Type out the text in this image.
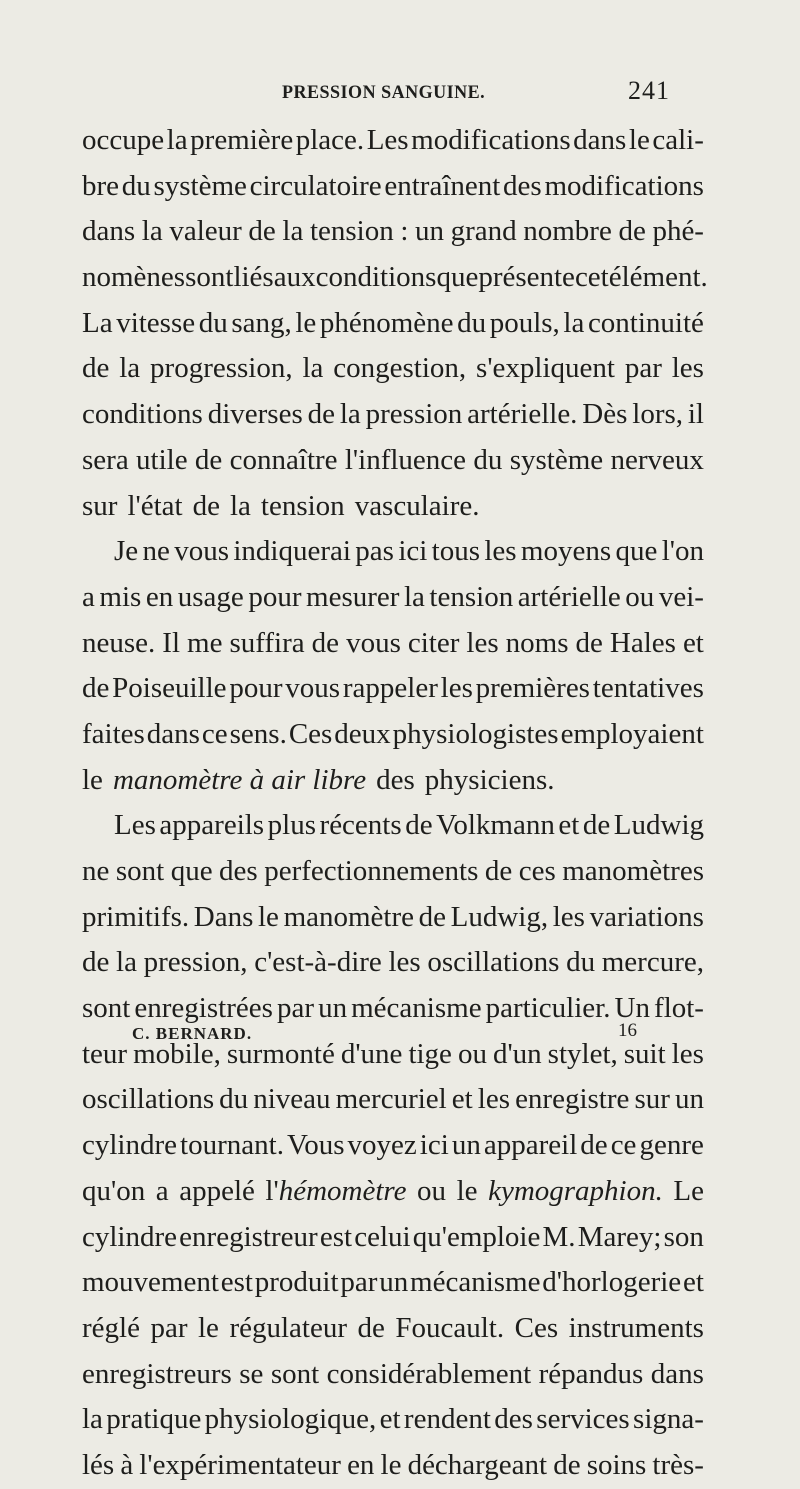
PRESSION SANGUINE.	241
occupe la première place. Les modifications dans le cali-
bre du système circulatoire entraînent des modifications
dans la valeur de la tension : un grand nombre de phé-
nomènes sont liés aux conditions que présente cet élément.
La vitesse du sang, le phénomène du pouls, la continuité
de la progression, la congestion, s'expliquent par les
conditions diverses de la pression artérielle. Dès lors, il
sera utile de connaître l'influence du système nerveux
sur l'état de la tension vasculaire.
Je ne vous indiquerai pas ici tous les moyens que l'on
a mis en usage pour mesurer la tension artérielle ou vei-
neuse. Il me suffira de vous citer les noms de Hales et
de Poiseuille pour vous rappeler les premières tentatives
faites dans ce sens. Ces deux physiologistes employaient
le manomètre à air libre des physiciens.
Les appareils plus récents de Volkmann et de Ludwig
ne sont que des perfectionnements de ces manomètres
primitifs. Dans le manomètre de Ludwig, les variations
de la pression, c'est-à-dire les oscillations du mercure,
sont enregistrées par un mécanisme particulier. Un flot-
teur mobile, surmonté d'une tige ou d'un stylet, suit les
oscillations du niveau mercuriel et les enregistre sur un
cylindre tournant. Vous voyez ici un appareil de ce genre
qu'on a appelé l'hémomètre ou le kymographion. Le
cylindre enregistreur est celui qu'emploie M. Marey; son
mouvement est produit par un mécanisme d'horlogerie et
réglé par le régulateur de Foucault. Ces instruments
enregistreurs se sont considérablement répandus dans
la pratique physiologique, et rendent des services signa-
lés à l'expérimentateur en le déchargeant de soins très-
C. BERNARD.	16
